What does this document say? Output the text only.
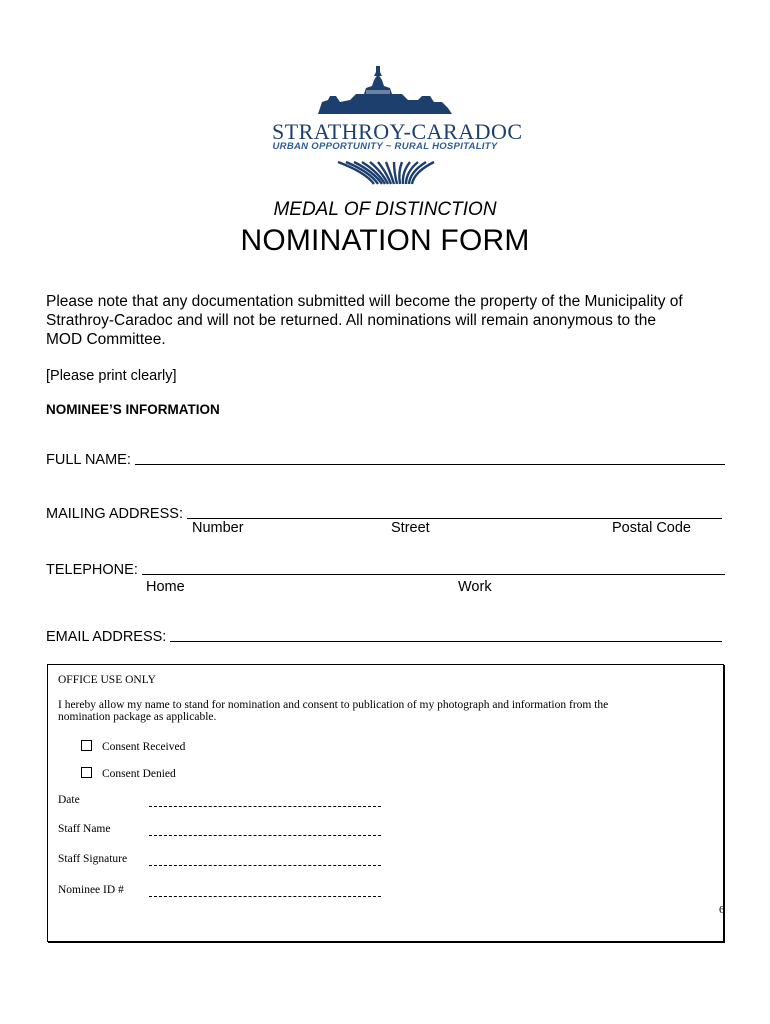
STRATHROY-CARADOC
URBAN OPPORTUNITY ~ RURAL HOSPITALITY
MEDAL OF DISTINCTION
NOMINATION FORM
Please note that any documentation submitted will become the property of the Municipality of
Strathroy-Caradoc and will not be returned. All nominations will remain anonymous to the
MOD Committee.
[Please print clearly]
NOMINEE’S INFORMATION
FULL NAME:
MAILING ADDRESS:
Number	Street	Postal Code
TELEPHONE:
Home	Work
EMAIL ADDRESS:
OFFICE USE ONLY
I hereby allow my name to stand for nomination and consent to publication of my photograph and information from the
nomination package as applicable.
Consent Received
Consent Denied
Date
Staff Name
Staff Signature
Nominee ID #
6
